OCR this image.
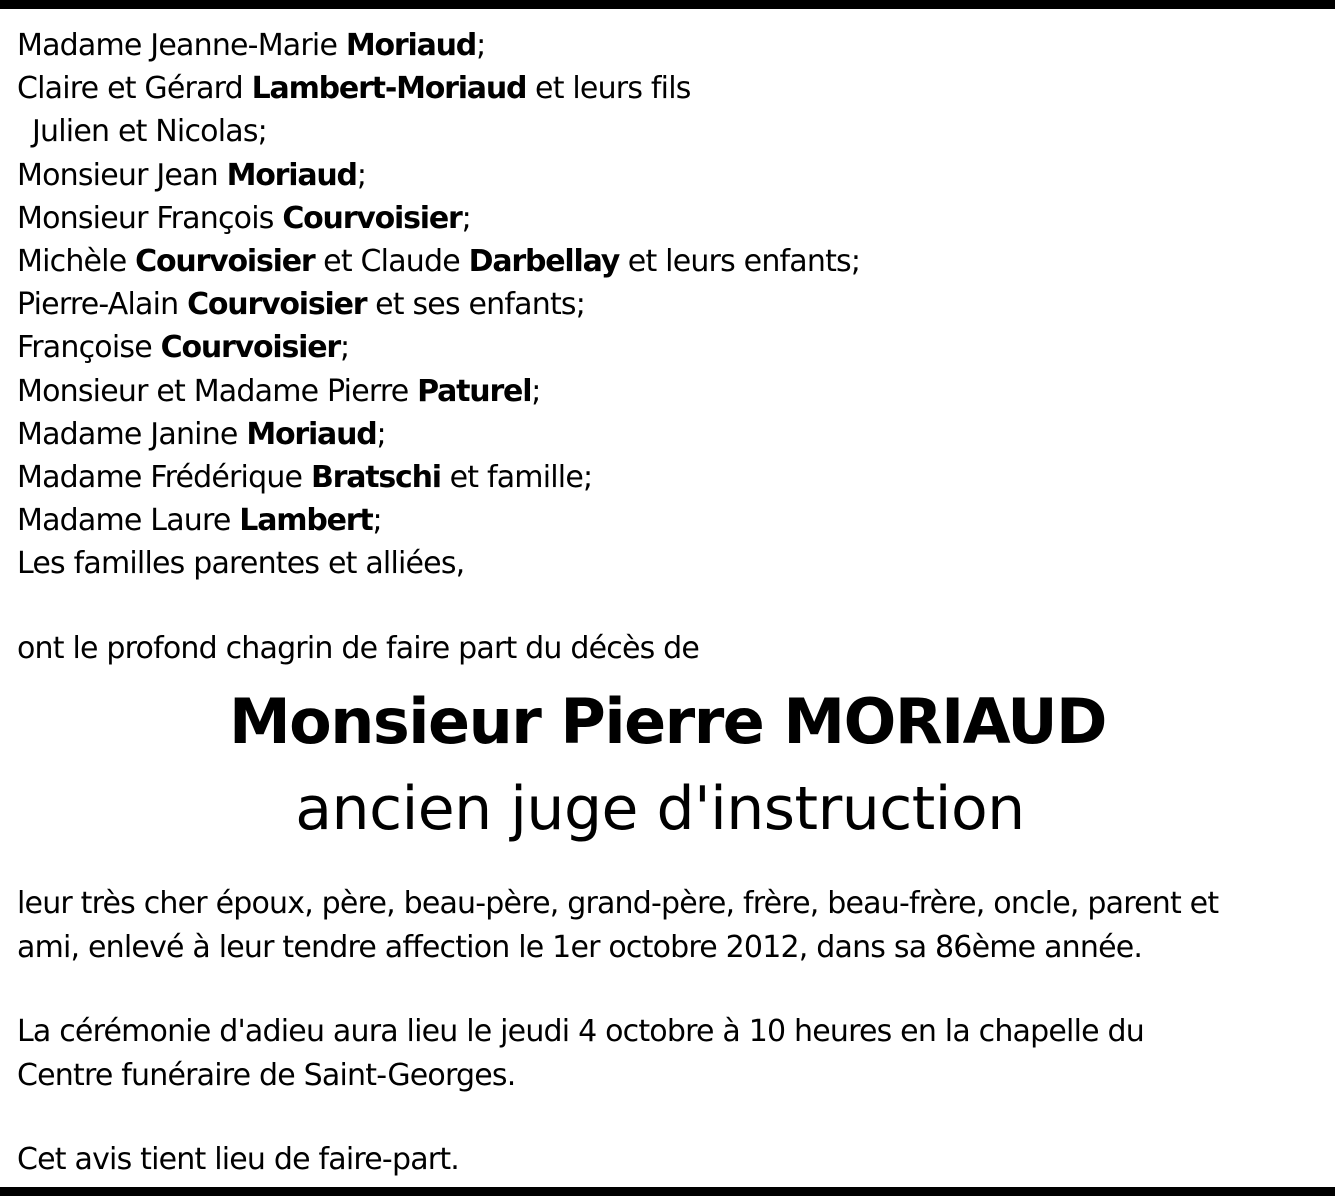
Madame Jeanne-Marie Moriaud;
Claire et Gérard Lambert-Moriaud et leurs fils
Julien et Nicolas;
Monsieur Jean Moriaud;
Monsieur François Courvoisier;
Michèle Courvoisier et Claude Darbellay et leurs enfants;
Pierre-Alain Courvoisier et ses enfants;
Françoise Courvoisier;
Monsieur et Madame Pierre Paturel;
Madame Janine Moriaud;
Madame Frédérique Bratschi et famille;
Madame Laure Lambert;
Les familles parentes et alliées,
ont le profond chagrin de faire part du décès de
Monsieur Pierre MORIAUD
ancien juge d'instruction
leur très cher époux, père, beau-père, grand-père, frère, beau-frère, oncle, parent et
ami, enlevé à leur tendre affection le 1er octobre 2012, dans sa 86ème année.
La cérémonie d'adieu aura lieu le jeudi 4 octobre à 10 heures en la chapelle du
Centre funéraire de Saint-Georges.
Cet avis tient lieu de faire-part.
